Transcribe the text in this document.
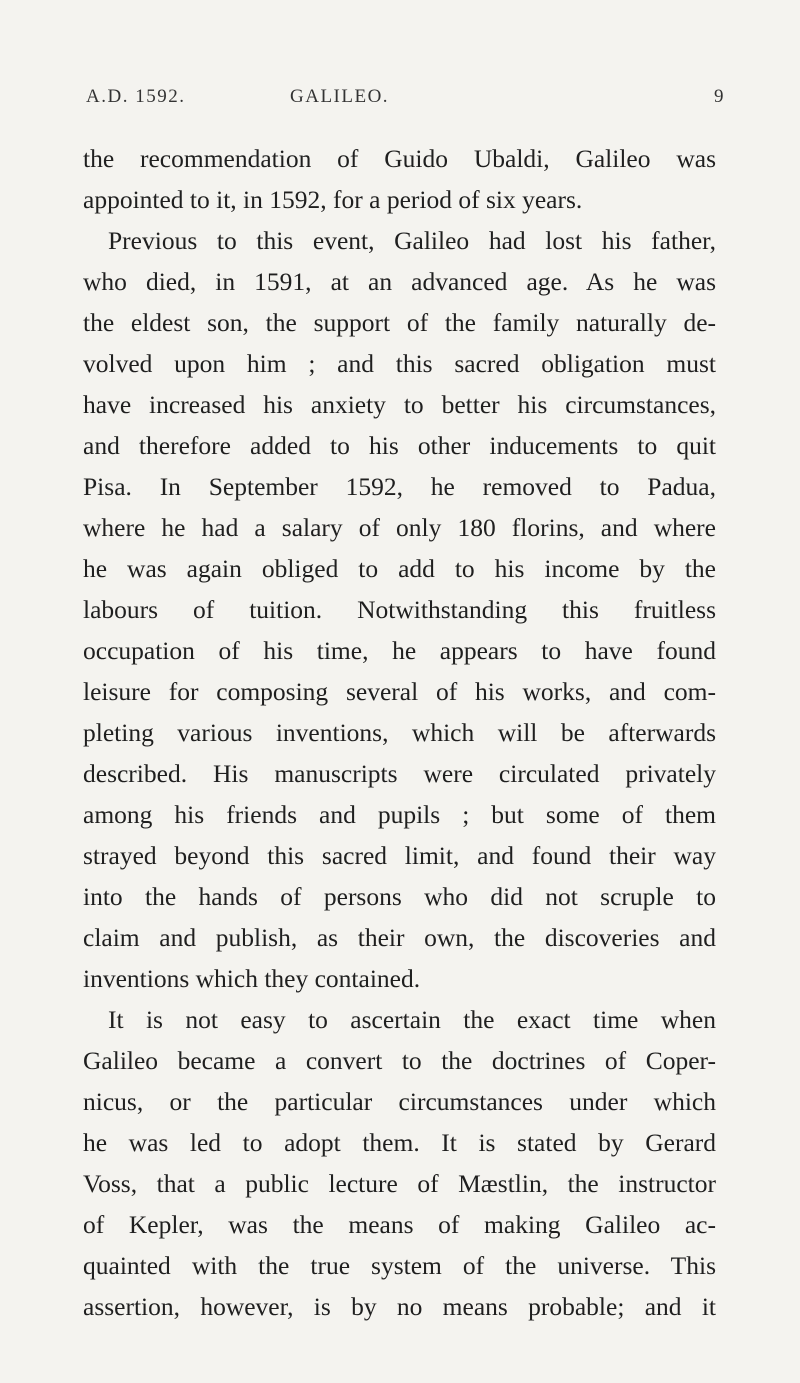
A.D. 1592.	GALILEO.	9
the recommendation of Guido Ubaldi, Galileo was
appointed to it, in 1592, for a period of six years.
Previous to this event, Galileo had lost his father,
who died, in 1591, at an advanced age. As he was
the eldest son, the support of the family naturally de-
volved upon him ; and this sacred obligation must
have increased his anxiety to better his circumstances,
and therefore added to his other inducements to quit
Pisa. In September 1592, he removed to Padua,
where he had a salary of only 180 florins, and where
he was again obliged to add to his income by the
labours of tuition. Notwithstanding this fruitless
occupation of his time, he appears to have found
leisure for composing several of his works, and com-
pleting various inventions, which will be afterwards
described. His manuscripts were circulated privately
among his friends and pupils ; but some of them
strayed beyond this sacred limit, and found their way
into the hands of persons who did not scruple to
claim and publish, as their own, the discoveries and
inventions which they contained.
It is not easy to ascertain the exact time when
Galileo became a convert to the doctrines of Coper-
nicus, or the particular circumstances under which
he was led to adopt them. It is stated by Gerard
Voss, that a public lecture of Mæstlin, the instructor
of Kepler, was the means of making Galileo ac-
quainted with the true system of the universe. This
assertion, however, is by no means probable; and it
